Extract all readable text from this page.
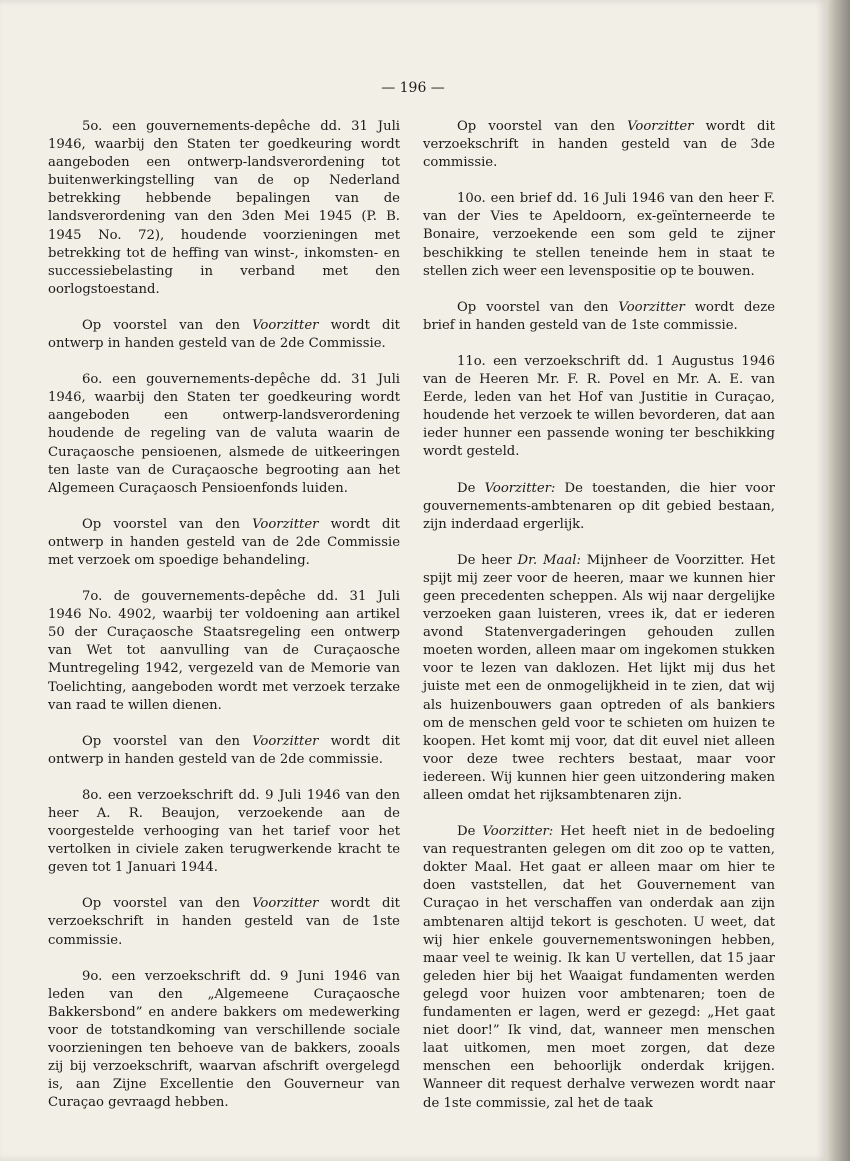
— 196 —

5o. een gouvernements-depêche dd. 31 Juli 1946, waarbij den Staten ter goedkeuring wordt aangeboden een ontwerp-landsverordening tot buitenwerkingstelling van de op Nederland betrekking hebbende bepalingen van de landsverordening van den 3den Mei 1945 (P. B. 1945 No. 72), houdende voorzieningen met betrekking tot de heffing van winst-, inkomsten- en successiebelasting in verband met den oorlogstoestand.

Op voorstel van den Voorzitter wordt dit ontwerp in handen gesteld van de 2de Commissie.

6o. een gouvernements-depêche dd. 31 Juli 1946, waarbij den Staten ter goedkeuring wordt aangeboden een ontwerp-landsverordening houdende de regeling van de valuta waarin de Curaçaosche pensioenen, alsmede de uitkeeringen ten laste van de Curaçaosche begrooting aan het Algemeen Curaçaosch Pensioenfonds luiden.

Op voorstel van den Voorzitter wordt dit ontwerp in handen gesteld van de 2de Commissie met verzoek om spoedige behandeling.

7o. de gouvernements-depêche dd. 31 Juli 1946 No. 4902, waarbij ter voldoening aan artikel 50 der Curaçaosche Staatsregeling een ontwerp van Wet tot aanvulling van de Curaçaosche Muntregeling 1942, vergezeld van de Memorie van Toelichting, aangeboden wordt met verzoek terzake van raad te willen dienen.

Op voorstel van den Voorzitter wordt dit ontwerp in handen gesteld van de 2de commissie.

8o. een verzoekschrift dd. 9 Juli 1946 van den heer A. R. Beaujon, verzoekende aan de voorgestelde verhooging van het tarief voor het vertolken in civiele zaken terugwerkende kracht te geven tot 1 Januari 1944.

Op voorstel van den Voorzitter wordt dit verzoekschrift in handen gesteld van de 1ste commissie.

9o. een verzoekschrift dd. 9 Juni 1946 van leden van den „Algemeene Curaçaosche Bakkersbond” en andere bakkers om medewerking voor de totstandkoming van verschillende sociale voorzieningen ten behoeve van de bakkers, zooals zij bij verzoekschrift, waarvan afschrift overgelegd is, aan Zijne Excellentie den Gouverneur van Curaçao gevraagd hebben.

Op voorstel van den Voorzitter wordt dit verzoekschrift in handen gesteld van de 3de commissie.

10o. een brief dd. 16 Juli 1946 van den heer F. van der Vies te Apeldoorn, ex-geïnterneerde te Bonaire, verzoekende een som geld te zijner beschikking te stellen teneinde hem in staat te stellen zich weer een levenspositie op te bouwen.

Op voorstel van den Voorzitter wordt deze brief in handen gesteld van de 1ste commissie.

11o. een verzoekschrift dd. 1 Augustus 1946 van de Heeren Mr. F. R. Povel en Mr. A. E. van Eerde, leden van het Hof van Justitie in Curaçao, houdende het verzoek te willen bevorderen, dat aan ieder hunner een passende woning ter beschikking wordt gesteld.

De Voorzitter: De toestanden, die hier voor gouvernements-ambtenaren op dit gebied bestaan, zijn inderdaad ergerlijk.

De heer Dr. Maal: Mijnheer de Voorzitter. Het spijt mij zeer voor de heeren, maar we kunnen hier geen precedenten scheppen. Als wij naar dergelijke verzoeken gaan luisteren, vrees ik, dat er iederen avond Statenvergaderingen gehouden zullen moeten worden, alleen maar om ingekomen stukken voor te lezen van daklozen. Het lijkt mij dus het juiste met een de onmogelijkheid in te zien, dat wij als huizenbouwers gaan optreden of als bankiers om de menschen geld voor te schieten om huizen te koopen. Het komt mij voor, dat dit euvel niet alleen voor deze twee rechters bestaat, maar voor iedereen. Wij kunnen hier geen uitzondering maken alleen omdat het rijksambtenaren zijn.

De Voorzitter: Het heeft niet in de bedoeling van requestranten gelegen om dit zoo op te vatten, dokter Maal. Het gaat er alleen maar om hier te doen vaststellen, dat het Gouvernement van Curaçao in het verschaffen van onderdak aan zijn ambtenaren altijd tekort is geschoten. U weet, dat wij hier enkele gouvernementswoningen hebben, maar veel te weinig. Ik kan U vertellen, dat 15 jaar geleden hier bij het Waaigat fundamenten werden gelegd voor huizen voor ambtenaren; toen de fundamenten er lagen, werd er gezegd: „Het gaat niet door!” Ik vind, dat, wanneer men menschen laat uitkomen, men moet zorgen, dat deze menschen een behoorlijk onderdak krijgen. Wanneer dit request derhalve verwezen wordt naar de 1ste commissie, zal het de taak
